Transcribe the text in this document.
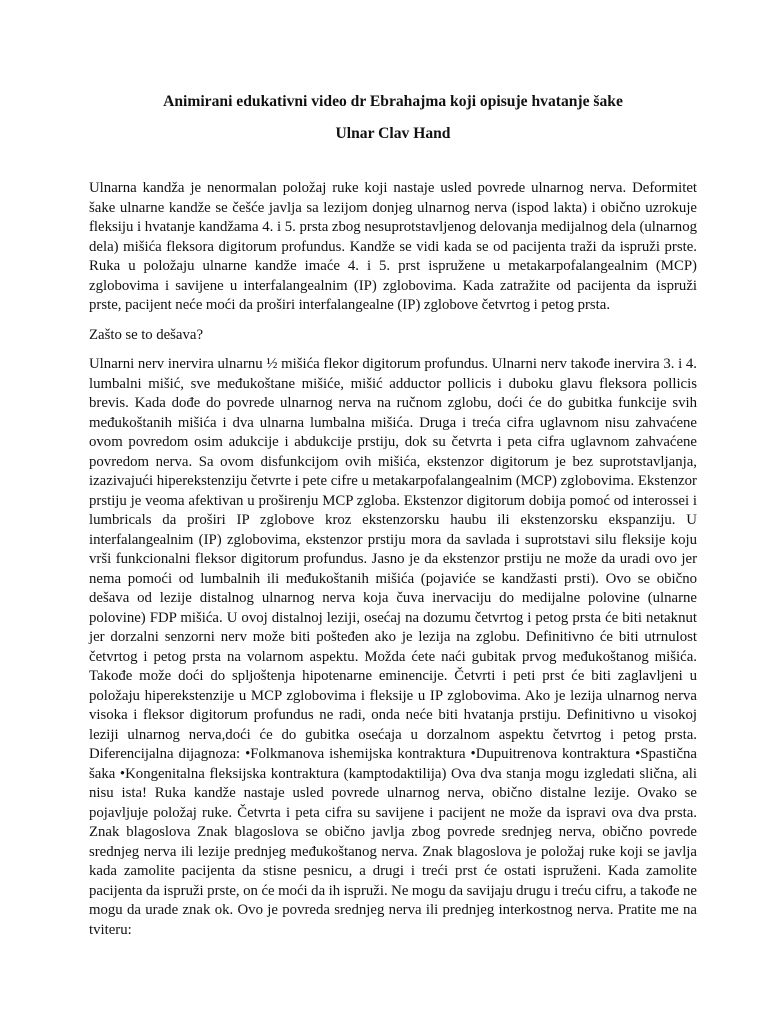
Animirani edukativni video dr Ebrahajma koji opisuje hvatanje šake
Ulnar Clav Hand

Ulnarna kandža je nenormalan položaj ruke koji nastaje usled povrede ulnarnog nerva. Deformitet šake ulnarne kandže se češće javlja sa lezijom donjeg ulnarnog nerva (ispod lakta) i obično uzrokuje fleksiju i hvatanje kandžama 4. i 5. prsta zbog nesuprotstavljenog delovanja medijalnog dela (ulnarnog dela) mišića fleksora digitorum profundus. Kandže se vidi kada se od pacijenta traži da ispruži prste. Ruka u položaju ulnarne kandže imaće 4. i 5. prst ispružene u metakarpofalangealnim (MCP) zglobovima i savijene u interfalangealnim (IP) zglobovima. Kada zatražite od pacijenta da ispruži prste, pacijent neće moći da proširi interfalangealne (IP) zglobove četvrtog i petog prsta.

Zašto se to dešava?

Ulnarni nerv inervira ulnarnu ½ mišića flekor digitorum profundus. Ulnarni nerv takođe inervira 3. i 4. lumbalni mišić, sve međukoštane mišiće, mišić adductor pollicis i duboku glavu fleksora pollicis brevis. Kada dođe do povrede ulnarnog nerva na ručnom zglobu, doći će do gubitka funkcije svih međukoštanih mišića i dva ulnarna lumbalna mišića. Druga i treća cifra uglavnom nisu zahvaćene ovom povredom osim adukcije i abdukcije prstiju, dok su četvrta i peta cifra uglavnom zahvaćene povredom nerva. Sa ovom disfunkcijom ovih mišića, ekstenzor digitorum je bez suprotstavljanja, izazivajući hiperekstenziju četvrte i pete cifre u metakarpofalangealnim (MCP) zglobovima. Ekstenzor prstiju je veoma afektivan u proširenju MCP zgloba. Ekstenzor digitorum dobija pomoć od interossei i lumbricals da proširi IP zglobove kroz ekstenzorsku haubu ili ekstenzorsku ekspanziju. U interfalangealnim (IP) zglobovima, ekstenzor prstiju mora da savlada i suprotstavi silu fleksije koju vrši funkcionalni fleksor digitorum profundus. Jasno je da ekstenzor prstiju ne može da uradi ovo jer nema pomoći od lumbalnih ili međukoštanih mišića (pojaviće se kandžasti prsti). Ovo se obično dešava od lezije distalnog ulnarnog nerva koja čuva inervaciju do medijalne polovine (ulnarne polovine) FDP mišića. U ovoj distalnoj leziji, osećaj na dozumu četvrtog i petog prsta će biti netaknut jer dorzalni senzorni nerv može biti pošteđen ako je lezija na zglobu. Definitivno će biti utrnulost četvrtog i petog prsta na volarnom aspektu. Možda ćete naći gubitak prvog međukoštanog mišića. Takođe može doći do spljoštenja hipotenarne eminencije. Četvrti i peti prst će biti zaglavljeni u položaju hiperekstenzije u MCP zglobovima i fleksije u IP zglobovima. Ako je lezija ulnarnog nerva visoka i fleksor digitorum profundus ne radi, onda neće biti hvatanja prstiju. Definitivno u visokoj leziji ulnarnog nerva,doći će do gubitka osećaja u dorzalnom aspektu četvrtog i petog prsta. Diferencijalna dijagnoza: •Folkmanova ishemijska kontraktura •Dupuitrenova kontraktura •Spastična šaka •Kongenitalna fleksijska kontraktura (kamptodaktilija) Ova dva stanja mogu izgledati slična, ali nisu ista! Ruka kandže nastaje usled povrede ulnarnog nerva, obično distalne lezije. Ovako se pojavljuje položaj ruke. Četvrta i peta cifra su savijene i pacijent ne može da ispravi ova dva prsta. Znak blagoslova Znak blagoslova se obično javlja zbog povrede srednjeg nerva, obično povrede srednjeg nerva ili lezije prednjeg međukoštanog nerva. Znak blagoslova je položaj ruke koji se javlja kada zamolite pacijenta da stisne pesnicu, a drugi i treći prst će ostati ispruženi. Kada zamolite pacijenta da ispruži prste, on će moći da ih ispruži. Ne mogu da savijaju drugu i treću cifru, a takođe ne mogu da urade znak ok. Ovo je povreda srednjeg nerva ili prednjeg interkostnog nerva. Pratite me na tviteru:
